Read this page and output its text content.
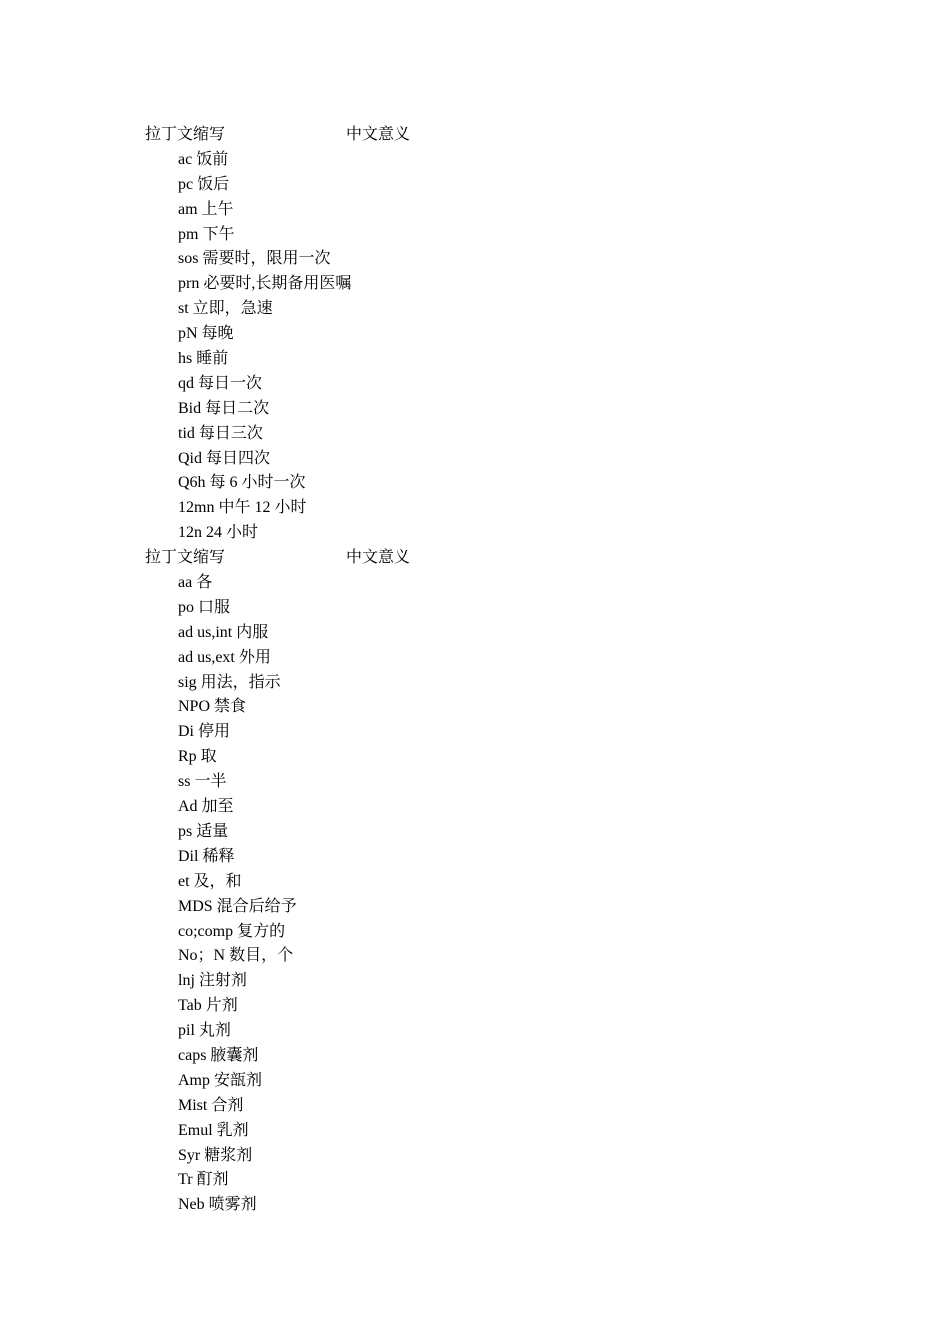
拉丁文缩写	中文意义
ac 饭前
pc 饭后
am 上午
pm 下午
sos 需要时，限用一次
prn 必要时,长期备用医嘱
st 立即，急速
pN 每晚
hs 睡前
qd 每日一次
Bid 每日二次
tid 每日三次
Qid 每日四次
Q6h 每 6 小时一次
12mn 中午 12 小时
12n 24 小时
拉丁文缩写	中文意义
aa 各
po 口服
ad us,int 内服
ad us,ext 外用
sig 用法，指示
NPO 禁食
Di 停用
Rp 取
ss 一半
Ad 加至
ps 适量
Dil 稀释
et 及，和
MDS 混合后给予
co;comp 复方的
No；N 数目，个
lnj 注射剂
Tab 片剂
pil 丸剂
caps 腋囊剂
Amp 安瓿剂
Mist 合剂
Emul 乳剂
Syr 糖浆剂
Tr 酊剂
Neb 喷雾剂
